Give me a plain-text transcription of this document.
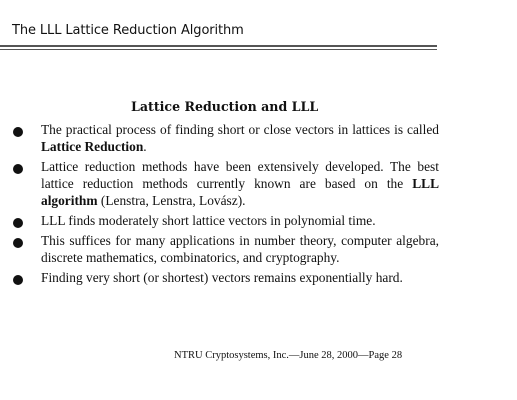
The LLL Lattice Reduction Algorithm
Lattice Reduction and LLL
The practical process of finding short or close vectors in lattices is called Lattice Reduction.
Lattice reduction methods have been extensively developed. The best lattice reduction methods currently known are based on the LLL algorithm (Lenstra, Lenstra, Lovász).
LLL finds moderately short lattice vectors in polynomial time.
This suffices for many applications in number theory, computer algebra, discrete mathematics, combinatorics, and cryptography.
Finding very short (or shortest) vectors remains exponentially hard.
NTRU Cryptosystems, Inc.—June 28, 2000—Page 28
